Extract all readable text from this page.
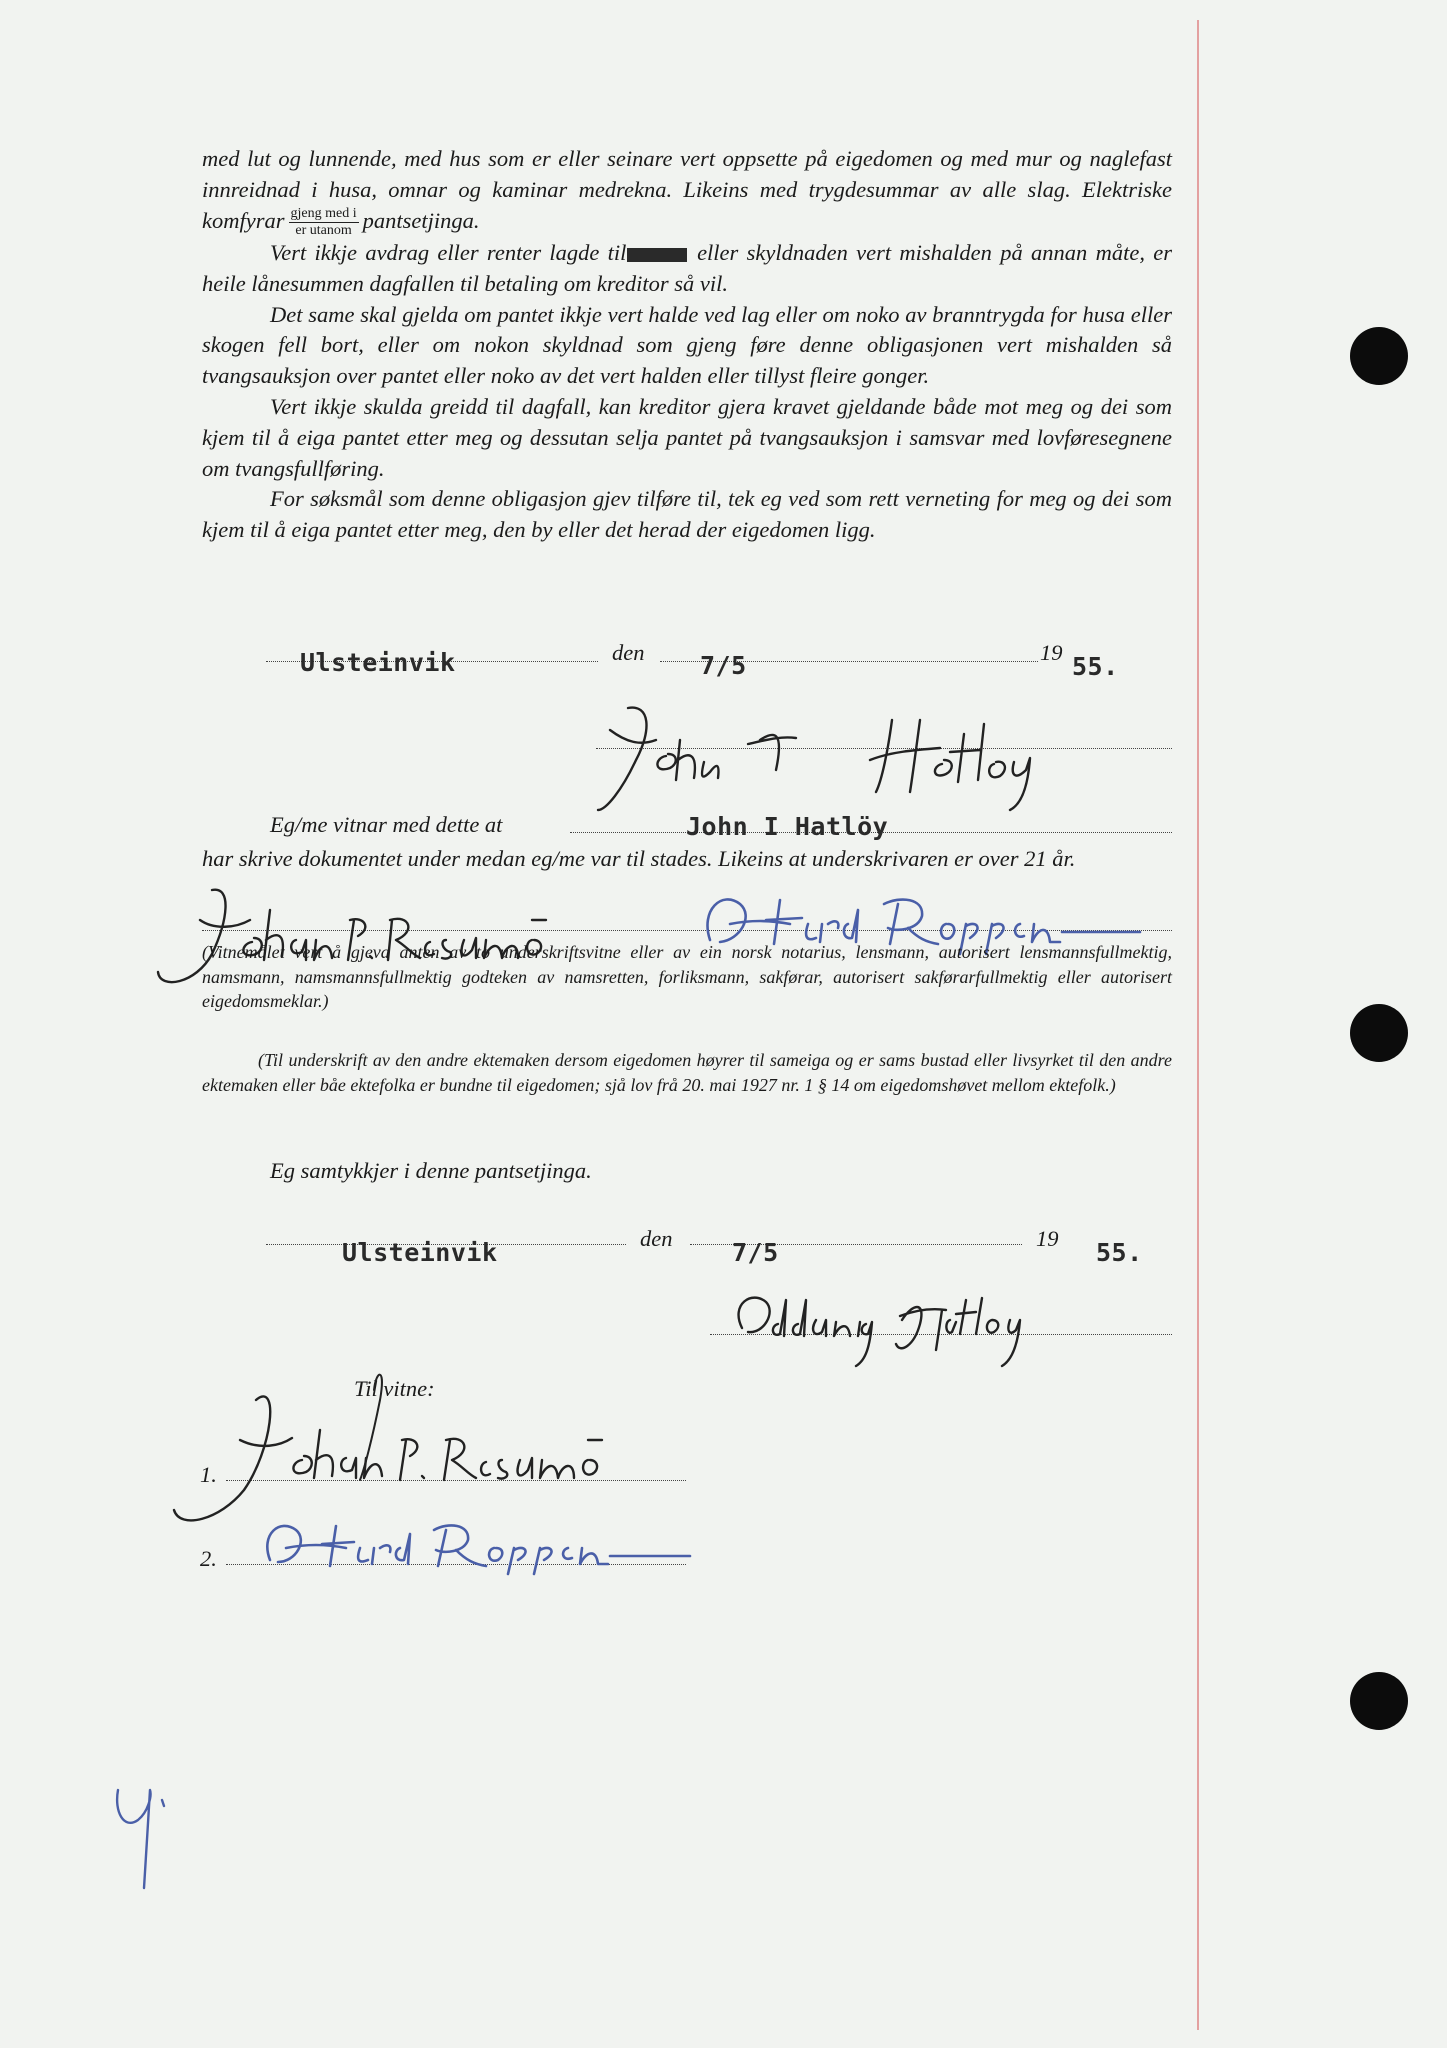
med lut og lunnende, med hus som er eller seinare vert oppsette på eigedomen og med mur og naglefast innreidnad i husa, omnar og kaminar medrekna. Likeins med trygdesummar av alle slag. Elektriske komfyrar $\frac{\text{gjeng med i}}{\text{er utanom}}$ pantsetjinga.

Vert ikkje avdrag eller renter lagde til	eller skyldnaden vert mishalden på annan måte, er heile lånesummen dagfallen til betaling om kreditor så vil.

Det same skal gjelda om pantet ikkje vert halde ved lag eller om noko av branntrygda for husa eller skogen fell bort, eller om nokon skyldnad som gjeng føre denne obligasjonen vert mishalden så tvangsauksjon over pantet eller noko av det vert halden eller tillyst fleire gonger.

Vert ikkje skulda greidd til dagfall, kan kreditor gjera kravet gjeldande både mot meg og dei som kjem til å eiga pantet etter meg og dessutan selja pantet på tvangsauksjon i samsvar med lovføresegnene om tvangsfullføring.

For søksmål som denne obligasjon gjev tilføre til, tek eg ved som rett verneting for meg og dei som kjem til å eiga pantet etter meg, den by eller det herad der eigedomen ligg.

Ulsteinvik	den 7/5	19 55.
Eg/me vitnar med dette at	John I Hatlöy
har skrive dokumentet under medan eg/me var til stades. Likeins at underskrivaren er over 21 år.
(Vitnemålet vert å gjeva anten av to underskriftsvitne eller av ein norsk notarius, lensmann, autorisert lensmannsfullmektig, namsmann, namsmannsfullmektig godteken av namsretten, forliksmann, sakførar, autorisert sakførarfullmektig eller autorisert eigedomsmeklar.)
(Til underskrift av den andre ektemaken dersom eigedomen høyrer til sameiga og er sams bustad eller livsyrket til den andre ektemaken eller båe ektefolka er bundne til eigedomen; sjå lov frå 20. mai 1927 nr. 1 § 14 om eigedomshøvet mellom ektefolk.)
Eg samtykkjer i denne pantsetjinga.
Ulsteinvik	den 7/5	19 55.
Til vitne:
1.
2.
